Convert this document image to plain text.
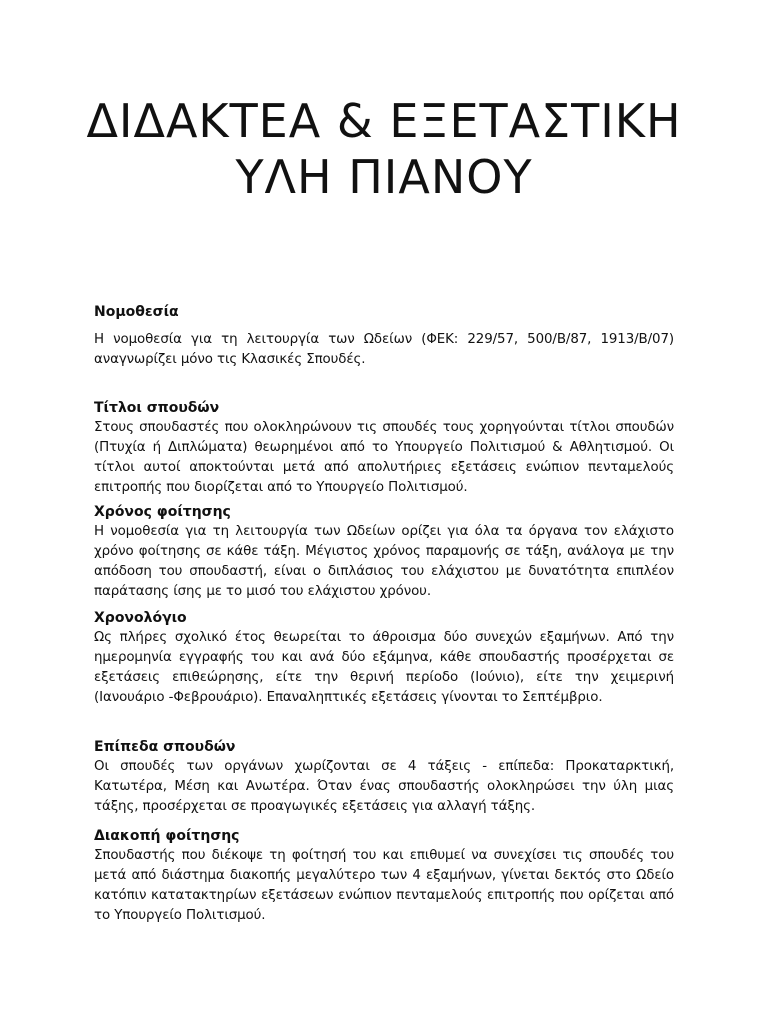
ΔΙΔΑΚΤΕΑ & ΕΞΕΤΑΣΤΙΚΗ
ΥΛΗ ΠΙΑΝΟΥ

Νομοθεσία

Η νομοθεσία για τη λειτουργία των Ωδείων (ΦΕΚ: 229/57, 500/Β/87, 1913/Β/07) αναγνωρίζει μόνο τις Κλασικές Σπουδές.

Τίτλοι σπουδών

Στους σπουδαστές που ολοκληρώνουν τις σπουδές τους χορηγούνται τίτλοι σπουδών (Πτυχία ή Διπλώματα) θεωρημένοι από το Υπουργείο Πολιτισμού & Αθλητισμού. Οι τίτλοι αυτοί αποκτούνται μετά από απολυτήριες εξετάσεις ενώπιον πενταμελούς επιτροπής που διορίζεται από το Υπουργείο Πολιτισμού.

Χρόνος φοίτησης

Η νομοθεσία για τη λειτουργία των Ωδείων ορίζει για όλα τα όργανα τον ελάχιστο χρόνο φοίτησης σε κάθε τάξη. Μέγιστος χρόνος παραμονής σε τάξη, ανάλογα με την απόδοση του σπουδαστή, είναι ο διπλάσιος του ελάχιστου με δυνατότητα επιπλέον παράτασης ίσης με το μισό του ελάχιστου χρόνου.

Χρονολόγιο

Ως πλήρες σχολικό έτος θεωρείται το άθροισμα δύο συνεχών εξαμήνων. Από την ημερομηνία εγγραφής του και ανά δύο εξάμηνα, κάθε σπουδαστής προσέρχεται σε εξετάσεις επιθεώρησης, είτε την θερινή περίοδο (Ιούνιο), είτε την χειμερινή (Ιανουάριο -Φεβρουάριο). Επαναληπτικές εξετάσεις γίνονται το Σεπτέμβριο.

Επίπεδα σπουδών

Οι σπουδές των οργάνων χωρίζονται σε 4 τάξεις - επίπεδα: Προκαταρκτική, Κατωτέρα, Μέση και Ανωτέρα. Όταν ένας σπουδαστής ολοκληρώσει την ύλη μιας τάξης, προσέρχεται σε προαγωγικές εξετάσεις για αλλαγή τάξης.

Διακοπή φοίτησης

Σπουδαστής που διέκοψε τη φοίτησή του και επιθυμεί να συνεχίσει τις σπουδές του μετά από διάστημα διακοπής μεγαλύτερο των 4 εξαμήνων, γίνεται δεκτός στο Ωδείο κατόπιν κατατακτηρίων εξετάσεων ενώπιον πενταμελούς επιτροπής που ορίζεται από το Υπουργείο Πολιτισμού.
